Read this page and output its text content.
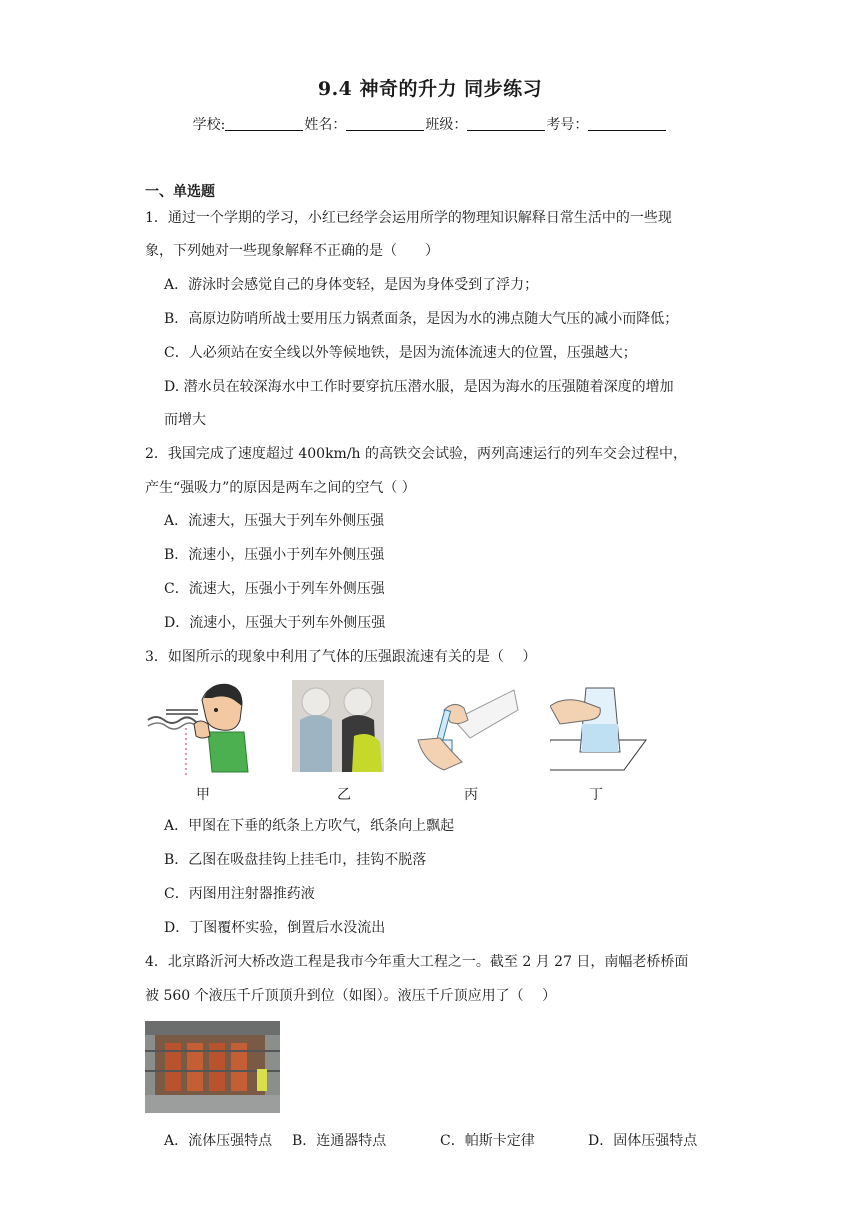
9.4 神奇的升力 同步练习
学校:	姓名：	班级：	考号：
一、单选题
1．通过一个学期的学习，小红已经学会运用所学的物理知识解释日常生活中的一些现
象，下列她对一些现象解释不正确的是（　　）
A．游泳时会感觉自己的身体变轻，是因为身体受到了浮力；
B．高原边防哨所战士要用压力锅煮面条，是因为水的沸点随大气压的减小而降低；
C．人必须站在安全线以外等候地铁，是因为流体流速大的位置，压强越大；
D. 潜水员在较深海水中工作时要穿抗压潜水服，是因为海水的压强随着深度的增加
而增大
2．我国完成了速度超过 400km/h 的高铁交会试验，两列高速运行的列车交会过程中，
产生“强吸力”的原因是两车之间的空气（ ）
A．流速大，压强大于列车外侧压强
B．流速小，压强小于列车外侧压强
C．流速大，压强小于列车外侧压强
D．流速小，压强大于列车外侧压强
3．如图所示的现象中利用了气体的压强跟流速有关的是（　 ）
甲	乙	丙	丁
A．甲图在下垂的纸条上方吹气，纸条向上飘起
B．乙图在吸盘挂钩上挂毛巾，挂钩不脱落
C．丙图用注射器推药液
D．丁图覆杯实验，倒置后水没流出
4．北京路沂河大桥改造工程是我市今年重大工程之一。截至 2 月 27 日，南幅老桥桥面
被 560 个液压千斤顶顶升到位（如图）。液压千斤顶应用了（　 ）
A．流体压强特点 B．连通器特点	C．帕斯卡定律	D．固体压强特点
